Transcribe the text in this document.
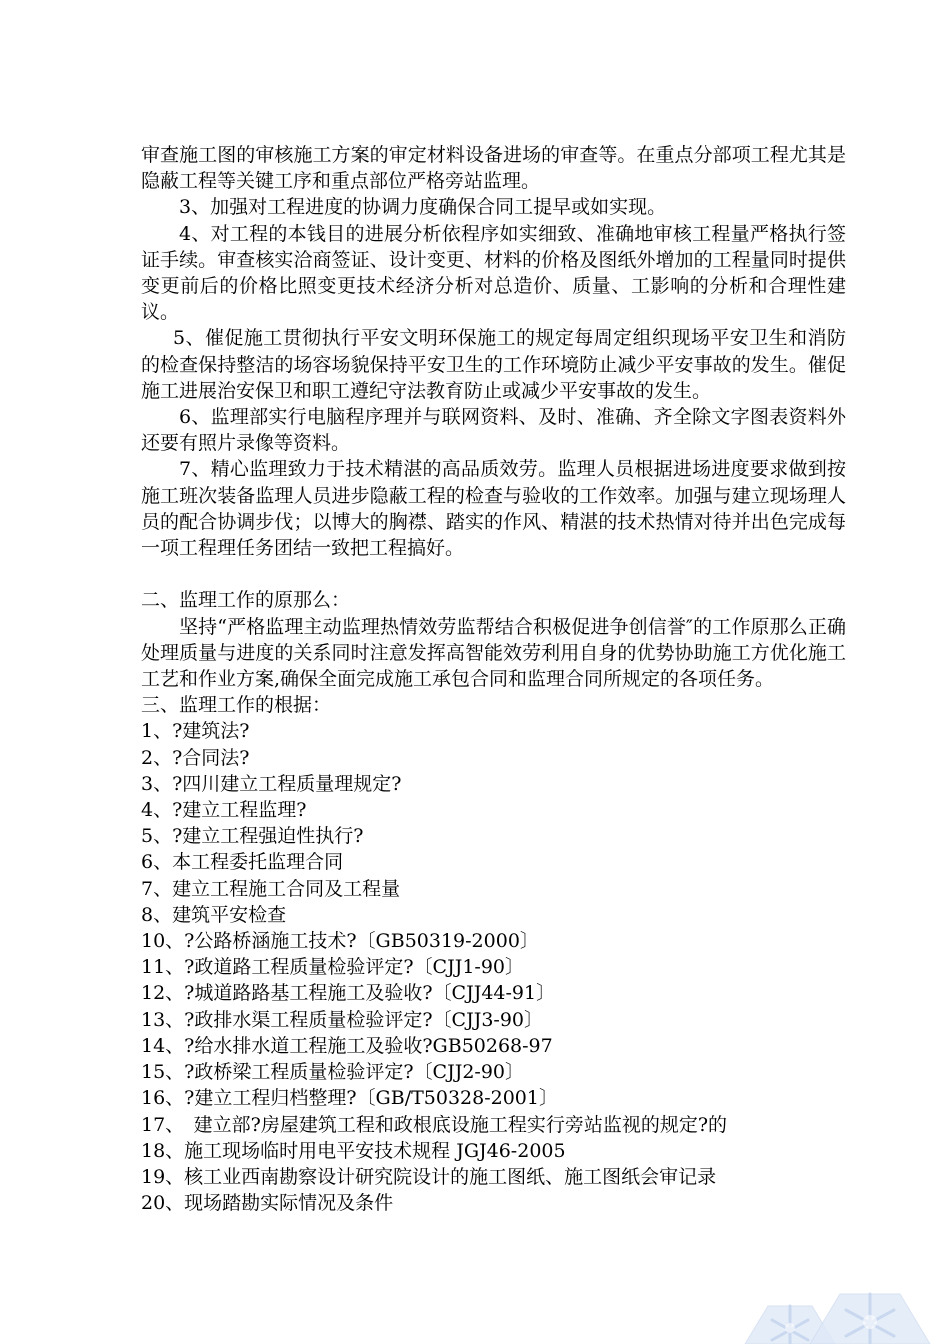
审查施工图的审核施工方案的审定材料设备进场的审查等。在重点分部项工程尤其是隐蔽工程等关键工序和重点部位严格旁站监理。

3、加强对工程进度的协调力度确保合同工提早或如实现。

4、对工程的本钱目的进展分析依程序如实细致、准确地审核工程量严格执行签证手续。审查核实洽商签证、设计变更、材料的价格及图纸外增加的工程量同时提供变更前后的价格比照变更技术经济分析对总造价、质量、工影响的分析和合理性建议。

5、催促施工贯彻执行平安文明环保施工的规定每周定组织现场平安卫生和消防的检查保持整洁的场容场貌保持平安卫生的工作环境防止减少平安事故的发生。催促施工进展治安保卫和职工遵纪守法教育防止或减少平安事故的发生。

6、监理部实行电脑程序理并与联网资料、及时、准确、齐全除文字图表资料外还要有照片录像等资料。

7、精心监理致力于技术精湛的高品质效劳。监理人员根据进场进度要求做到按施工班次装备监理人员进步隐蔽工程的检查与验收的工作效率。加强与建立现场理人员的配合协调步伐；以博大的胸襟、踏实的作风、精湛的技术热情对待并出色完成每一项工程理任务团结一致把工程搞好。

二、监理工作的原那么：

坚持“严格监理主动监理热情效劳监帮结合积极促进争创信誉″的工作原那么正确处理质量与进度的关系同时注意发挥高智能效劳利用自身的优势协助施工方优化施工工艺和作业方案,确保全面完成施工承包合同和监理合同所规定的各项任务。

三、监理工作的根据：

1、?建筑法?

2、?合同法?

3、?四川建立工程质量理规定?

4、?建立工程监理?

5、?建立工程强迫性执行?

6、本工程委托监理合同

7、建立工程施工合同及工程量

8、建筑平安检查

10、?公路桥涵施工技术?〔GB50319-2000〕

11、?政道路工程质量检验评定?〔CJJ1-90〕

12、?城道路路基工程施工及验收?〔CJJ44-91〕

13、?政排水渠工程质量检验评定?〔CJJ3-90〕

14、?给水排水道工程施工及验收?GB50268-97

15、?政桥梁工程质量检验评定?〔CJJ2-90〕

16、?建立工程归档整理?〔GB/T50328-2001〕

17、　建立部?房屋建筑工程和政根底设施工程实行旁站监视的规定?的

18、施工现场临时用电平安技术规程 JGJ46-2005

19、核工业西南勘察设计研究院设计的施工图纸、施工图纸会审记录

20、现场踏勘实际情况及条件
